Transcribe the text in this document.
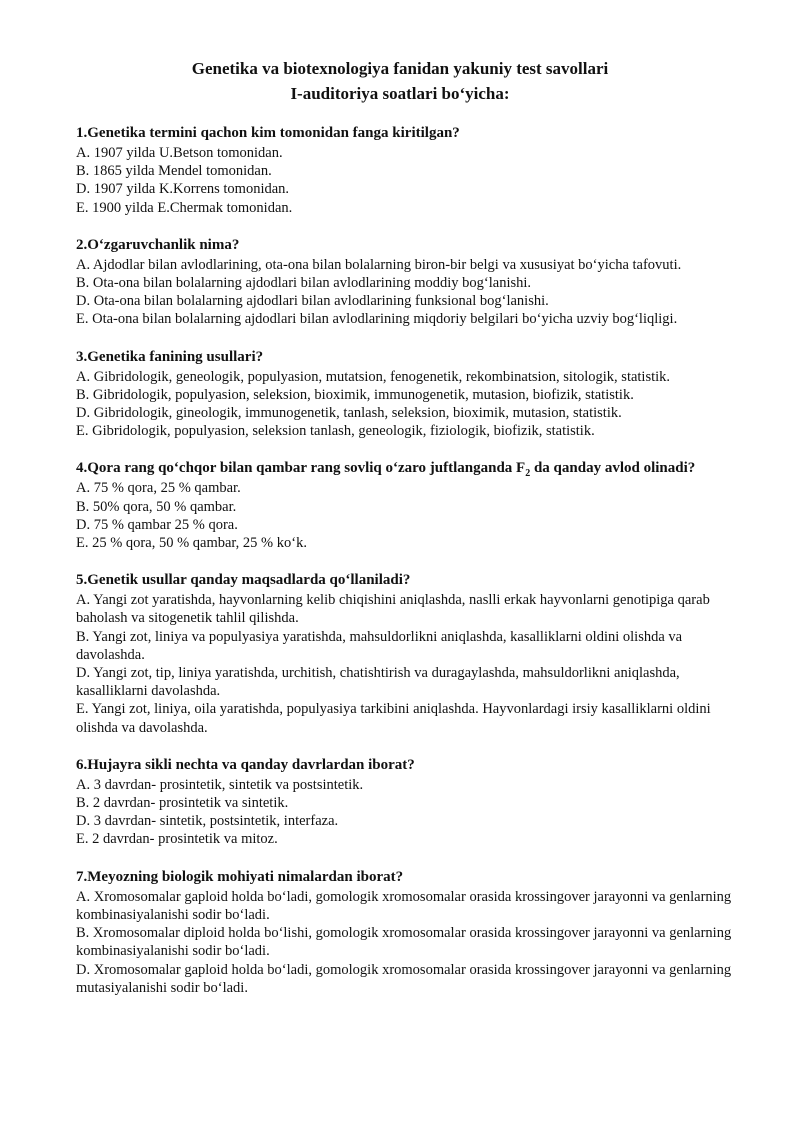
Genetika va biotexnologiya fanidan yakuniy test savollari
I-auditoriya soatlari bo‘yicha:
1.Genetika termini qachon kim tomonidan fanga kiritilgan?
A. 1907 yilda U.Betson tomonidan.
B. 1865 yilda Mendel tomonidan.
D. 1907 yilda K.Korrens tomonidan.
E. 1900 yilda E.Chermak tomonidan.
2.O‘zgaruvchanlik nima?
A. Ajdodlar bilan avlodlarining, ota-ona bilan bolalarning biron-bir belgi va xususiyat bo‘yicha tafovuti.
B. Ota-ona bilan bolalarning ajdodlari bilan avlodlarining moddiy bog‘lanishi.
D. Ota-ona bilan bolalarning ajdodlari bilan avlodlarining funksional bog‘lanishi.
E. Ota-ona bilan bolalarning ajdodlari bilan avlodlarining miqdoriy belgilari bo‘yicha uzviy bog‘liqligi.
3.Genetika fanining usullari?
A. Gibridologik, geneologik, populyasion, mutatsion, fenogenetik, rekombinatsion, sitologik, statistik.
B. Gibridologik, populyasion, seleksion, bioximik, immunogenetik, mutasion, biofizik, statistik.
D. Gibridologik, gineologik, immunogenetik, tanlash, seleksion, bioximik, mutasion, statistik.
E. Gibridologik, populyasion, seleksion tanlash, geneologik, fiziologik, biofizik, statistik.
4.Qora rang qo‘chqor bilan qambar rang sovliq o‘zaro juftlanganda $F_2$ da qanday avlod olinadi?
A. 75 % qora, 25 % qambar.
B. 50% qora, 50 % qambar.
D. 75 % qambar 25 % qora.
E. 25 % qora, 50 % qambar, 25 % ko‘k.
5.Genetik usullar qanday maqsadlarda qo‘llaniladi?
A. Yangi zot yaratishda, hayvonlarning kelib chiqishini aniqlashda, naslli erkak hayvonlarni genotipiga qarab baholash va sitogenetik tahlil qilishda.
B. Yangi zot, liniya va populyasiya yaratishda, mahsuldorlikni aniqlashda, kasalliklarni oldini olishda va davolashda.
D. Yangi zot, tip, liniya yaratishda, urchitish, chatishtirish va duragaylashda, mahsuldorlikni aniqlashda, kasalliklarni davolashda.
E. Yangi zot, liniya, oila yaratishda, populyasiya tarkibini aniqlashda. Hayvonlardagi irsiy kasalliklarni oldini olishda va davolashda.
6.Hujayra sikli nechta va qanday davrlardan iborat?
A. 3 davrdan- prosintetik, sintetik va postsintetik.
B. 2 davrdan- prosintetik va sintetik.
D. 3 davrdan- sintetik, postsintetik, interfaza.
E. 2 davrdan- prosintetik va mitoz.
7.Meyozning biologik mohiyati nimalardan iborat?
A. Xromosomalar gaploid holda bo‘ladi, gomologik xromosomalar orasida krossingover jarayonni va genlarning kombinasiyalanishi sodir bo‘ladi.
B. Xromosomalar diploid holda bo‘lishi, gomologik xromosomalar orasida krossingover jarayonni va genlarning kombinasiyalanishi sodir bo‘ladi.
D. Xromosomalar gaploid holda bo‘ladi, gomologik xromosomalar orasida krossingover jarayonni va genlarning mutasiyalanishi sodir bo‘ladi.
